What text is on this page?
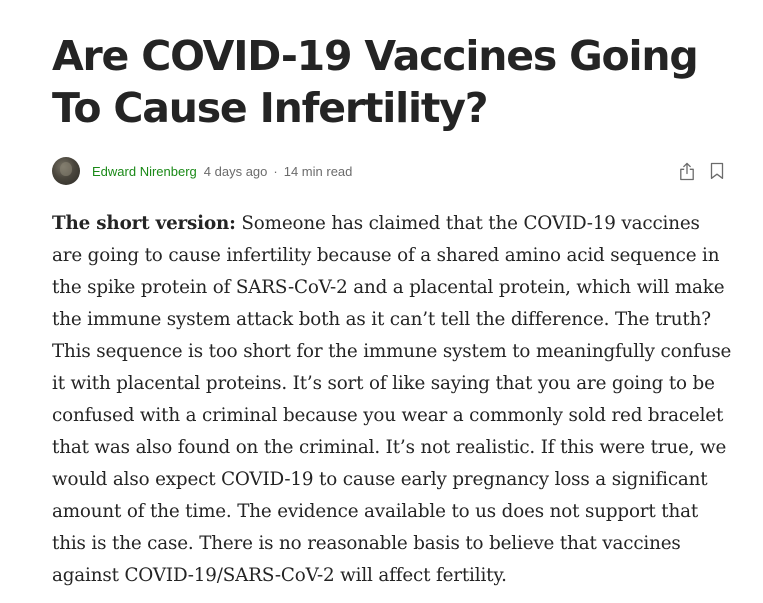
Are COVID-19 Vaccines Going To Cause Infertility?
Edward Nirenberg 4 days ago · 14 min read

The short version: Someone has claimed that the COVID-19 vaccines are going to cause infertility because of a shared amino acid sequence in the spike protein of SARS-CoV-2 and a placental protein, which will make the immune system attack both as it can’t tell the difference. The truth? This sequence is too short for the immune system to meaningfully confuse it with placental proteins. It’s sort of like saying that you are going to be confused with a criminal because you wear a commonly sold red bracelet that was also found on the criminal. It’s not realistic. If this were true, we would also expect COVID-19 to cause early pregnancy loss a significant amount of the time. The evidence available to us does not support that this is the case. There is no reasonable basis to believe that vaccines against COVID-19/SARS-CoV-2 will affect fertility.
